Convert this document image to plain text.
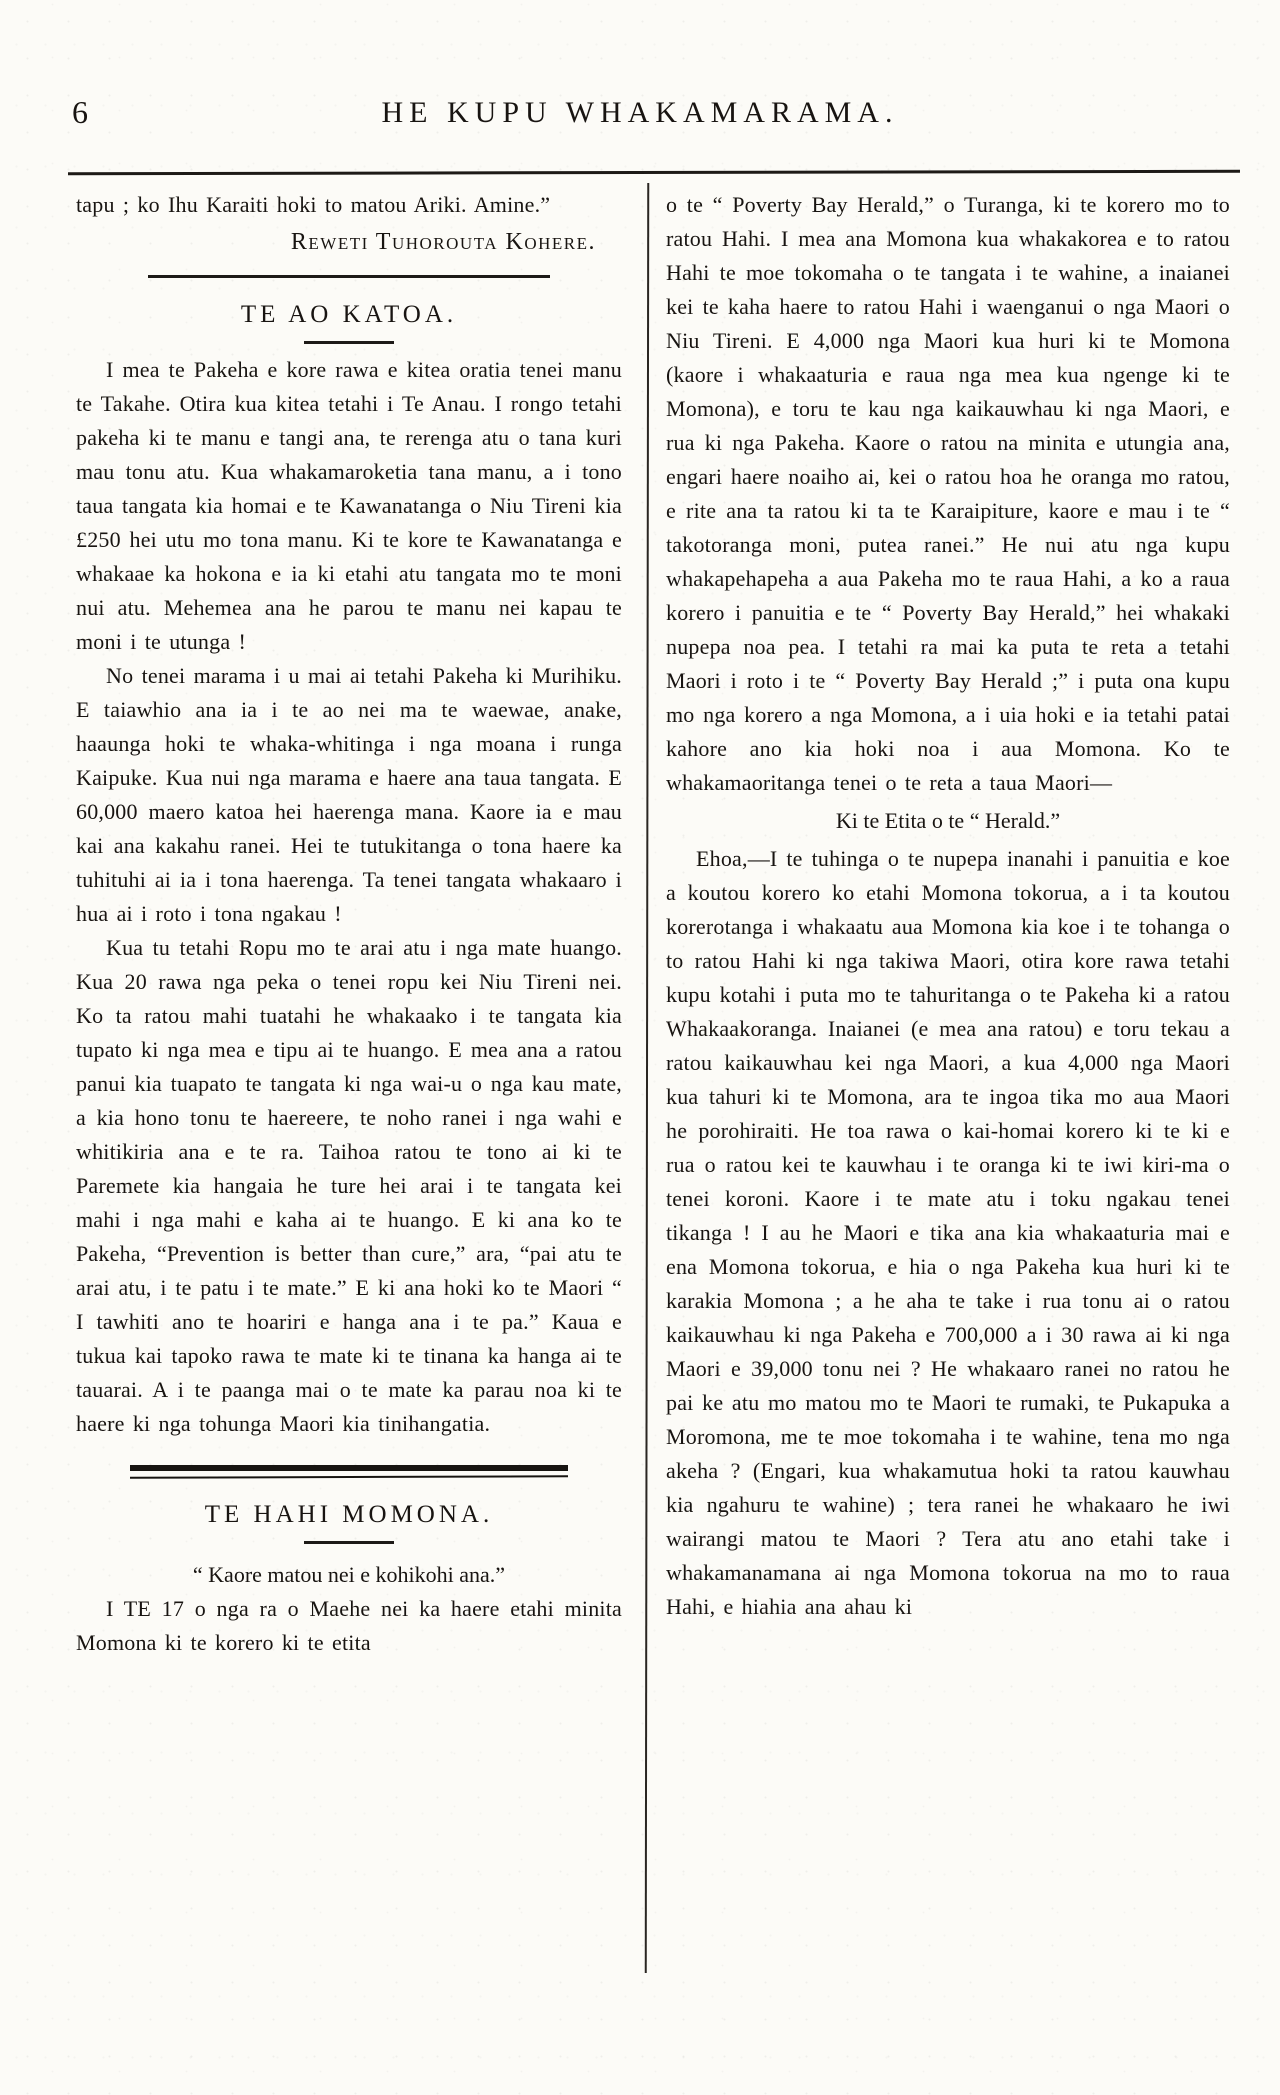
6	HE KUPU WHAKAMARAMA.

tapu ; ko Ihu Karaiti hoki to matou Ariki. Amine.”

Reweti Tuhorouta Kohere.

TE AO KATOA.

I mea te Pakeha e kore rawa e kitea oratia tenei manu te Takahe. Otira kua kitea tetahi i Te Anau. I rongo tetahi pakeha ki te manu e tangi ana, te rerenga atu o tana kuri mau tonu atu. Kua whakamaroketia tana manu, a i tono taua tangata kia homai e te Kawanatanga o Niu Tireni kia £250 hei utu mo tona manu. Ki te kore te Kawanatanga e whakaae ka hokona e ia ki etahi atu tangata mo te moni nui atu. Mehemea ana he parou te manu nei kapau te moni i te utunga !

No tenei marama i u mai ai tetahi Pakeha ki Murihiku. E taiawhio ana ia i te ao nei ma te waewae, anake, haaunga hoki te whaka-whitinga i nga moana i runga Kaipuke. Kua nui nga marama e haere ana taua tangata. E 60,000 maero katoa hei haerenga mana. Kaore ia e mau kai ana kakahu ranei. Hei te tutukitanga o tona haere ka tuhituhi ai ia i tona haerenga. Ta tenei tangata whakaaro i hua ai i roto i tona ngakau !

Kua tu tetahi Ropu mo te arai atu i nga mate huango. Kua 20 rawa nga peka o tenei ropu kei Niu Tireni nei. Ko ta ratou mahi tuatahi he whakaako i te tangata kia tupato ki nga mea e tipu ai te huango. E mea ana a ratou panui kia tuapato te tangata ki nga wai-u o nga kau mate, a kia hono tonu te haereere, te noho ranei i nga wahi e whitikiria ana e te ra. Taihoa ratou te tono ai ki te Paremete kia hangaia he ture hei arai i te tangata kei mahi i nga mahi e kaha ai te huango. E ki ana ko te Pakeha, “Prevention is better than cure,” ara, “pai atu te arai atu, i te patu i te mate.” E ki ana hoki ko te Maori “ I tawhiti ano te hoariri e hanga ana i te pa.” Kaua e tukua kai tapoko rawa te mate ki te tinana ka hanga ai te tauarai. A i te paanga mai o te mate ka parau noa ki te haere ki nga tohunga Maori kia tinihangatia.

TE HAHI MOMONA.

“ Kaore matou nei e kohikohi ana.”

I TE 17 o nga ra o Maehe nei ka haere etahi minita Momona ki te korero ki te etita

o te “ Poverty Bay Herald,” o Turanga, ki te korero mo to ratou Hahi. I mea ana Momona kua whakakorea e to ratou Hahi te moe tokomaha o te tangata i te wahine, a inaianei kei te kaha haere to ratou Hahi i waenganui o nga Maori o Niu Tireni. E 4,000 nga Maori kua huri ki te Momona (kaore i whakaaturia e raua nga mea kua ngenge ki te Momona), e toru te kau nga kaikauwhau ki nga Maori, e rua ki nga Pakeha. Kaore o ratou na minita e utungia ana, engari haere noaiho ai, kei o ratou hoa he oranga mo ratou, e rite ana ta ratou ki ta te Karaipiture, kaore e mau i te “ takotoranga moni, putea ranei.” He nui atu nga kupu whakapehapeha a aua Pakeha mo te raua Hahi, a ko a raua korero i panuitia e te “ Poverty Bay Herald,” hei whakaki nupepa noa pea. I tetahi ra mai ka puta te reta a tetahi Maori i roto i te “ Poverty Bay Herald ;” i puta ona kupu mo nga korero a nga Momona, a i uia hoki e ia tetahi patai kahore ano kia hoki noa i aua Momona. Ko te whakamaoritanga tenei o te reta a taua Maori—

Ki te Etita o te “ Herald.”

Ehoa,—I te tuhinga o te nupepa inanahi i panuitia e koe a koutou korero ko etahi Momona tokorua, a i ta koutou korerotanga i whakaatu aua Momona kia koe i te tohanga o to ratou Hahi ki nga takiwa Maori, otira kore rawa tetahi kupu kotahi i puta mo te tahuritanga o te Pakeha ki a ratou Whakaakoranga. Inaianei (e mea ana ratou) e toru tekau a ratou kaikauwhau kei nga Maori, a kua 4,000 nga Maori kua tahuri ki te Momona, ara te ingoa tika mo aua Maori he porohiraiti. He toa rawa o kai-homai korero ki te ki e rua o ratou kei te kauwhau i te oranga ki te iwi kiri-ma o tenei koroni. Kaore i te mate atu i toku ngakau tenei tikanga ! I au he Maori e tika ana kia whakaaturia mai e ena Momona tokorua, e hia o nga Pakeha kua huri ki te karakia Momona ; a he aha te take i rua tonu ai o ratou kaikauwhau ki nga Pakeha e 700,000 a i 30 rawa ai ki nga Maori e 39,000 tonu nei ? He whakaaro ranei no ratou he pai ke atu mo matou mo te Maori te rumaki, te Pukapuka a Moromona, me te moe tokomaha i te wahine, tena mo nga akeha ? (Engari, kua whakamutua hoki ta ratou kauwhau kia ngahuru te wahine) ; tera ranei he whakaaro he iwi wairangi matou te Maori ? Tera atu ano etahi take i whakamanamana ai nga Momona tokorua na mo to raua Hahi, e hiahia ana ahau ki
